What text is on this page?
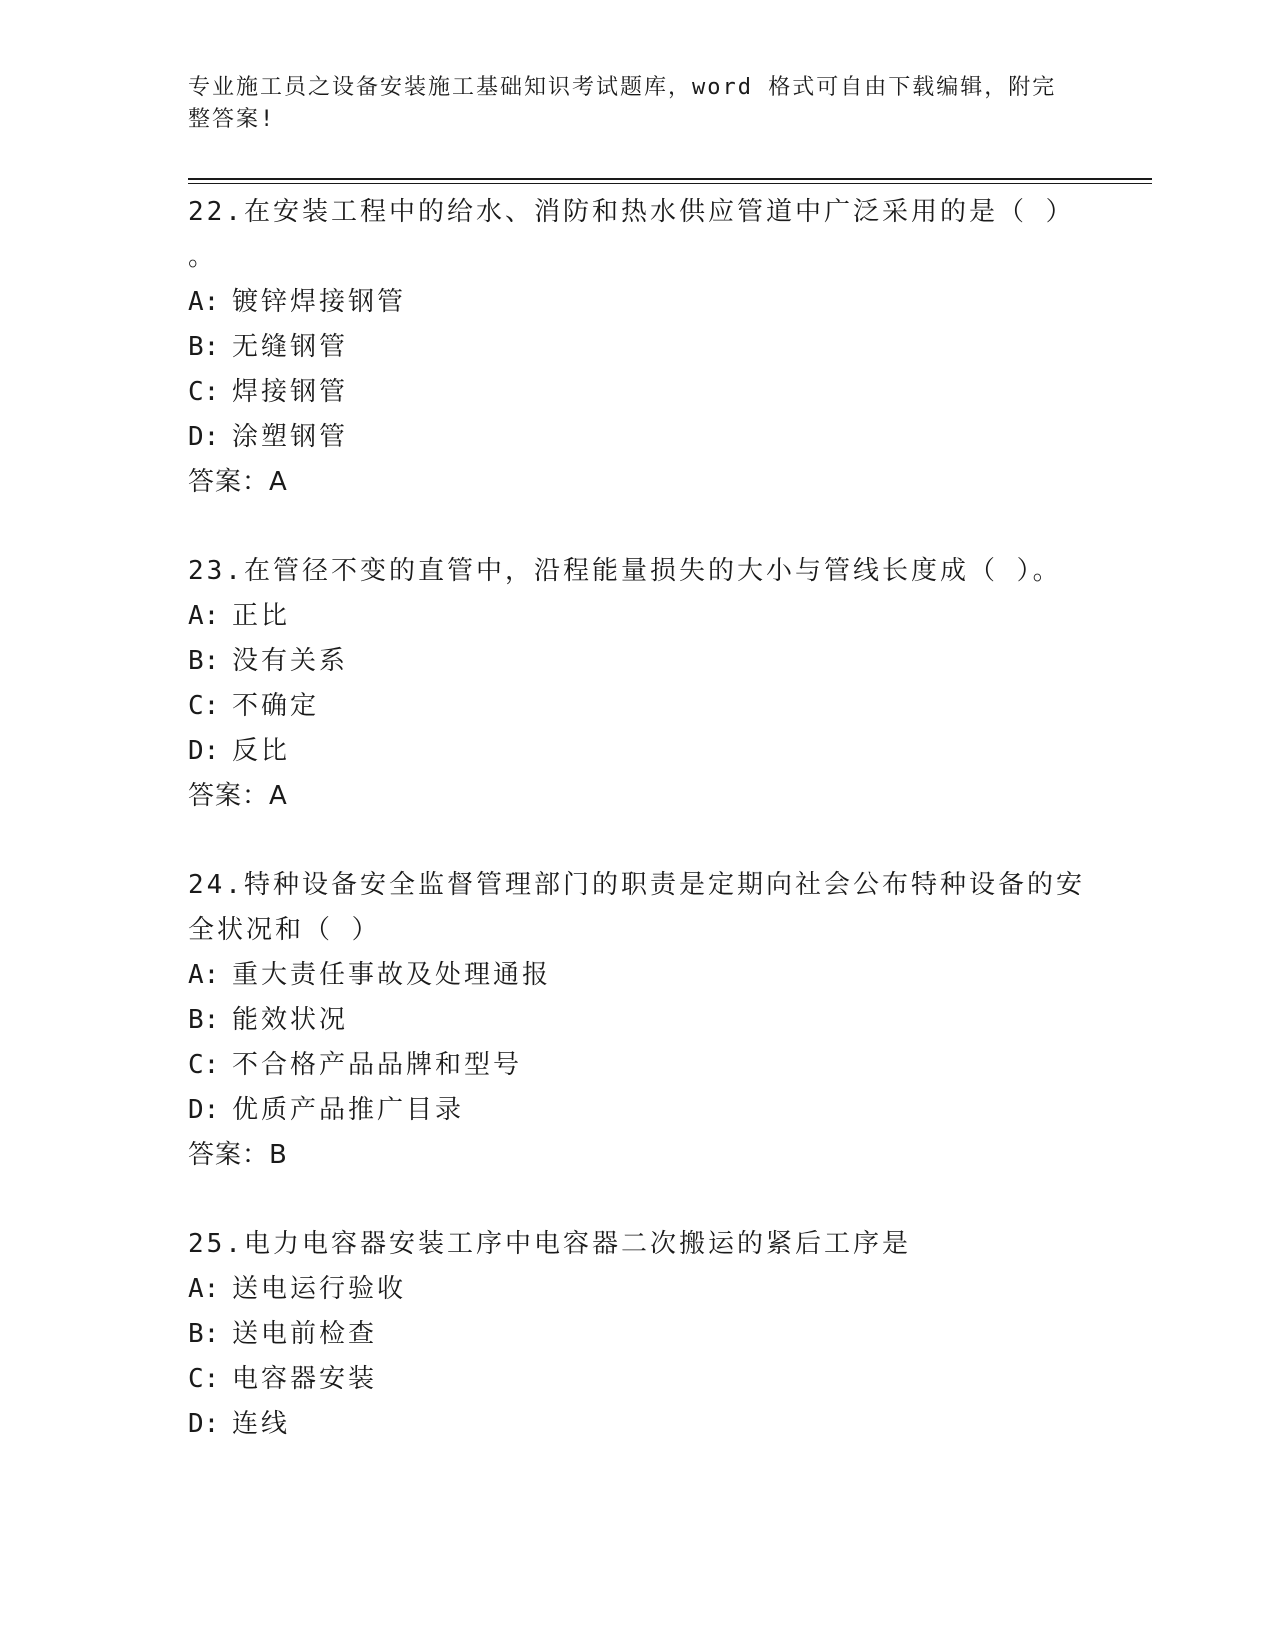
专业施工员之设备安装施工基础知识考试题库，word 格式可自由下载编辑，附完整答案!

22.在安装工程中的给水、消防和热水供应管道中广泛采用的是（ ）
。

A: 镀锌焊接钢管

B: 无缝钢管

C: 焊接钢管

D: 涂塑钢管

答案：A

23.在管径不变的直管中，沿程能量损失的大小与管线长度成（ ）。

A: 正比

B: 没有关系

C: 不确定

D: 反比

答案：A

24.特种设备安全监督管理部门的职责是定期向社会公布特种设备的安全状况和（ ）

A: 重大责任事故及处理通报

B: 能效状况

C: 不合格产品品牌和型号

D: 优质产品推广目录

答案：B

25.电力电容器安装工序中电容器二次搬运的紧后工序是

A: 送电运行验收

B: 送电前检查

C: 电容器安装

D: 连线
